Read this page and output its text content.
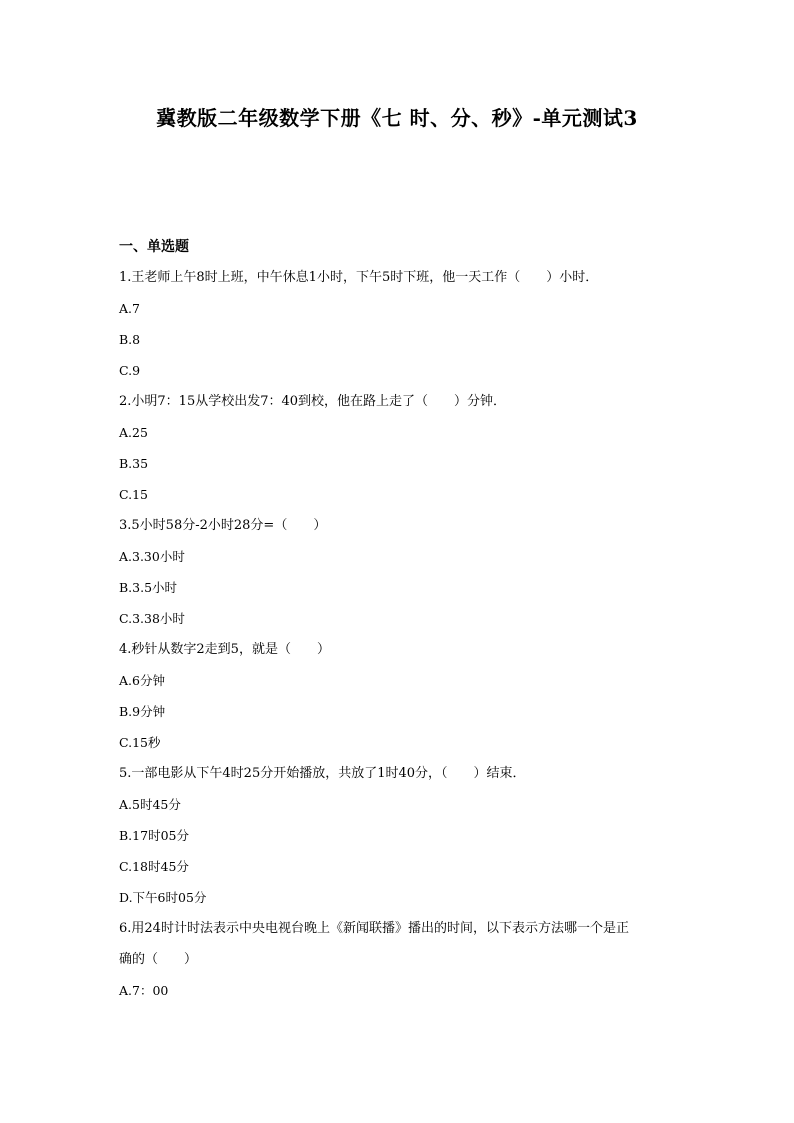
冀教版二年级数学下册《七 时、分、秒》-单元测试3
一、单选题
1.王老师上午8时上班，中午休息1小时，下午5时下班，他一天工作（　　）小时．
A.7
B.8
C.9
2.小明7：15从学校出发7：40到校，他在路上走了（　　）分钟．
A.25
B.35
C.15
3.5小时58分-2小时28分=（　　）
A.3.30小时
B.3.5小时
C.3.38小时
4.秒针从数字2走到5，就是（　　）
A.6分钟
B.9分钟
C.15秒
5.一部电影从下午4时25分开始播放，共放了1时40分，（　　）结束．
A.5时45分
B.17时05分
C.18时45分
D.下午6时05分
6.用24时计时法表示中央电视台晚上《新闻联播》播出的时间，以下表示方法哪一个是正
确的（　　）
A.7：00
